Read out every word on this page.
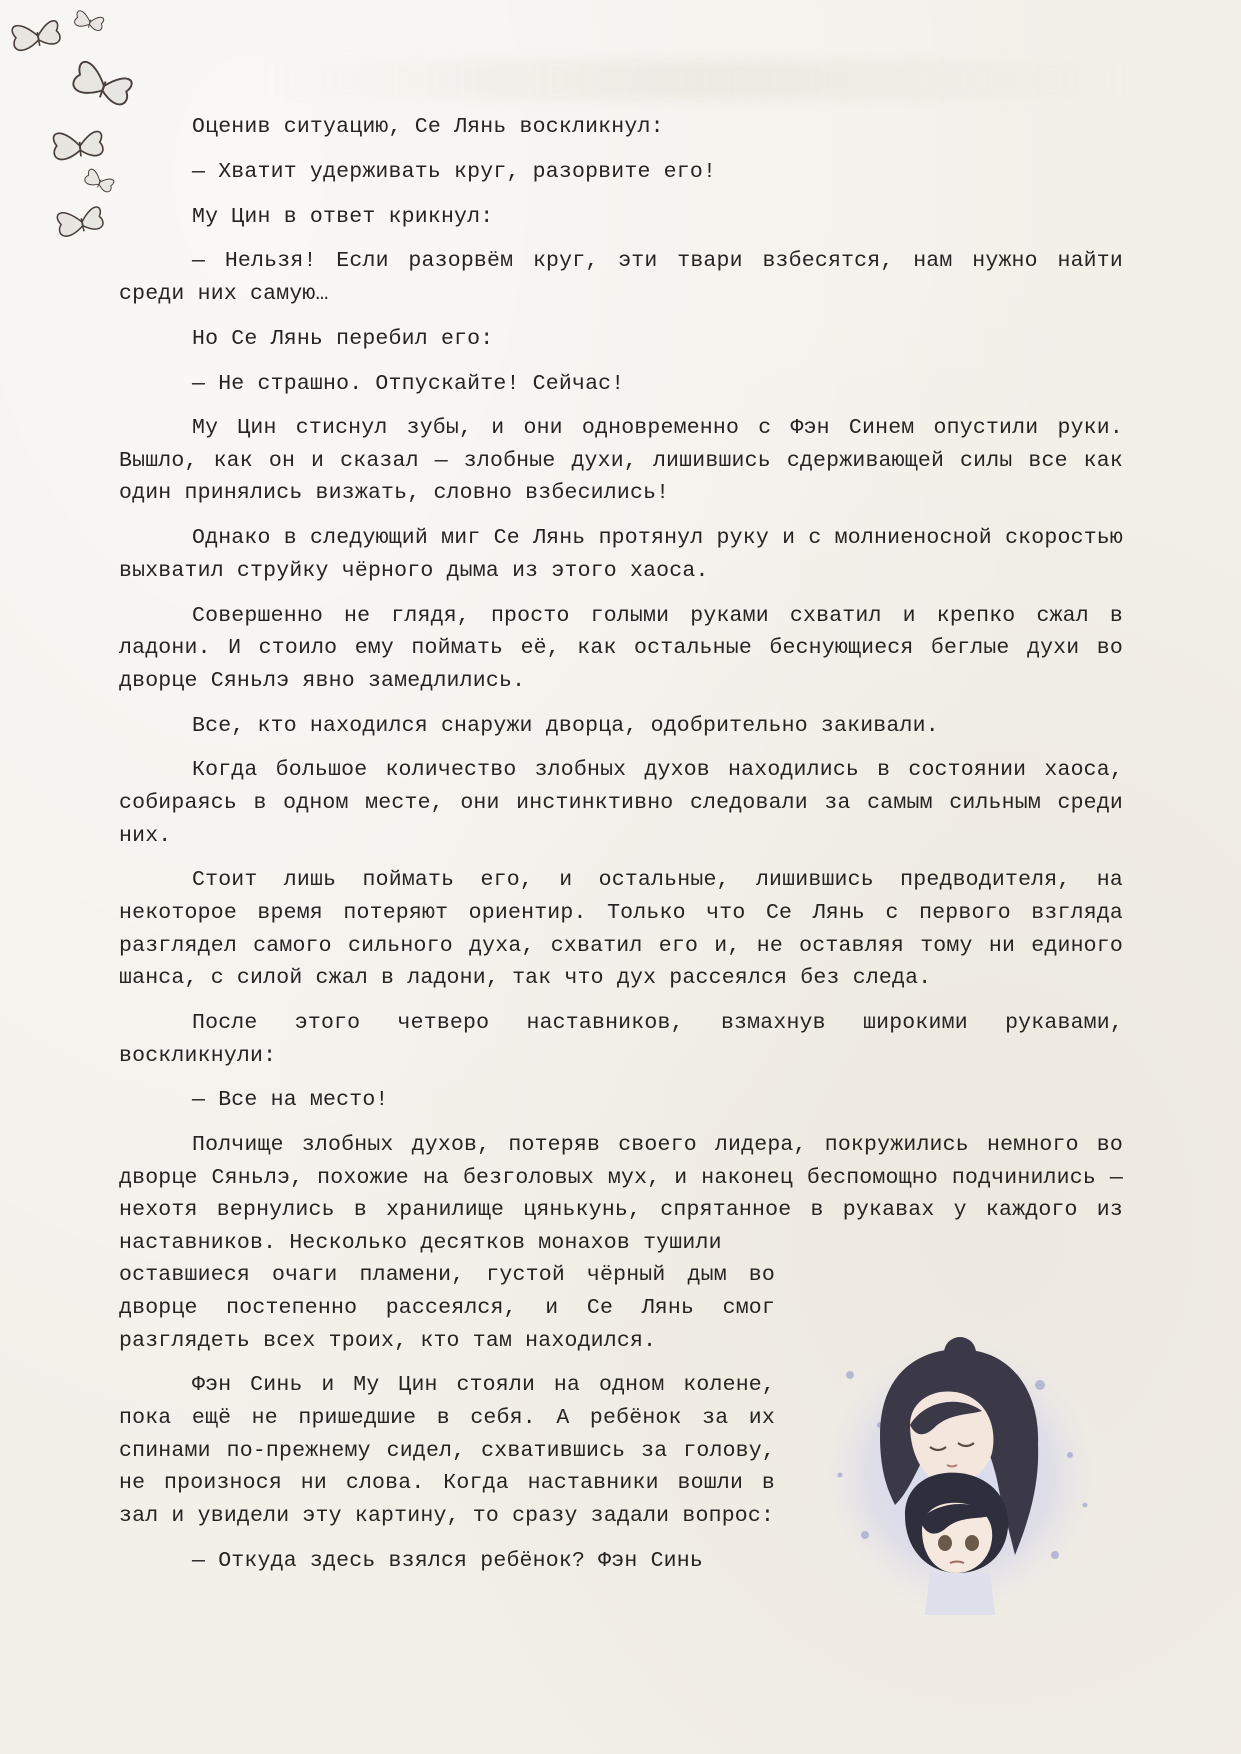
Оценив ситуацию, Се Лянь воскликнул:

— Хватит удерживать круг, разорвите его!

Му Цин в ответ крикнул:

— Нельзя! Если разорвём круг, эти твари взбесятся, нам нужно найти среди них самую…

Но Се Лянь перебил его:

— Не страшно. Отпускайте! Сейчас!

Му Цин стиснул зубы, и они одновременно с Фэн Синем опустили руки. Вышло, как он и сказал — злобные духи, лишившись сдерживающей силы все как один принялись визжать, словно взбесились!

Однако в следующий миг Се Лянь протянул руку и с молниеносной скоростью выхватил струйку чёрного дыма из этого хаоса.

Совершенно не глядя, просто голыми руками схватил и крепко сжал в ладони. И стоило ему поймать её, как остальные беснующиеся беглые духи во дворце Сяньлэ явно замедлились.

Все, кто находился снаружи дворца, одобрительно закивали.

Когда большое количество злобных духов находились в состоянии хаоса, собираясь в одном месте, они инстинктивно следовали за самым сильным среди них.

Стоит лишь поймать его, и остальные, лишившись предводителя, на некоторое время потеряют ориентир. Только что Се Лянь с первого взгляда разглядел самого сильного духа, схватил его и, не оставляя тому ни единого шанса, с силой сжал в ладони, так что дух рассеялся без следа.

После этого четверо наставников, взмахнув широкими рукавами, воскликнули:

— Все на место!

Полчище злобных духов, потеряв своего лидера, покружились немного во дворце Сяньлэ, похожие на безголовых мух, и наконец беспомощно подчинились — нехотя вернулись в хранилище цянькунь, спрятанное в рукавах у каждого из наставников. Несколько десятков монахов тушили

оставшиеся очаги пламени, густой чёрный дым во дворце постепенно рассеялся, и Се Лянь смог разглядеть всех троих, кто там находился.

Фэн Синь и Му Цин стояли на одном колене, пока ещё не пришедшие в себя. А ребёнок за их спинами по-прежнему сидел, схватившись за голову, не произнося ни слова. Когда наставники вошли в зал и увидели эту картину, то сразу задали вопрос:

— Откуда здесь взялся ребёнок? Фэн Синь
